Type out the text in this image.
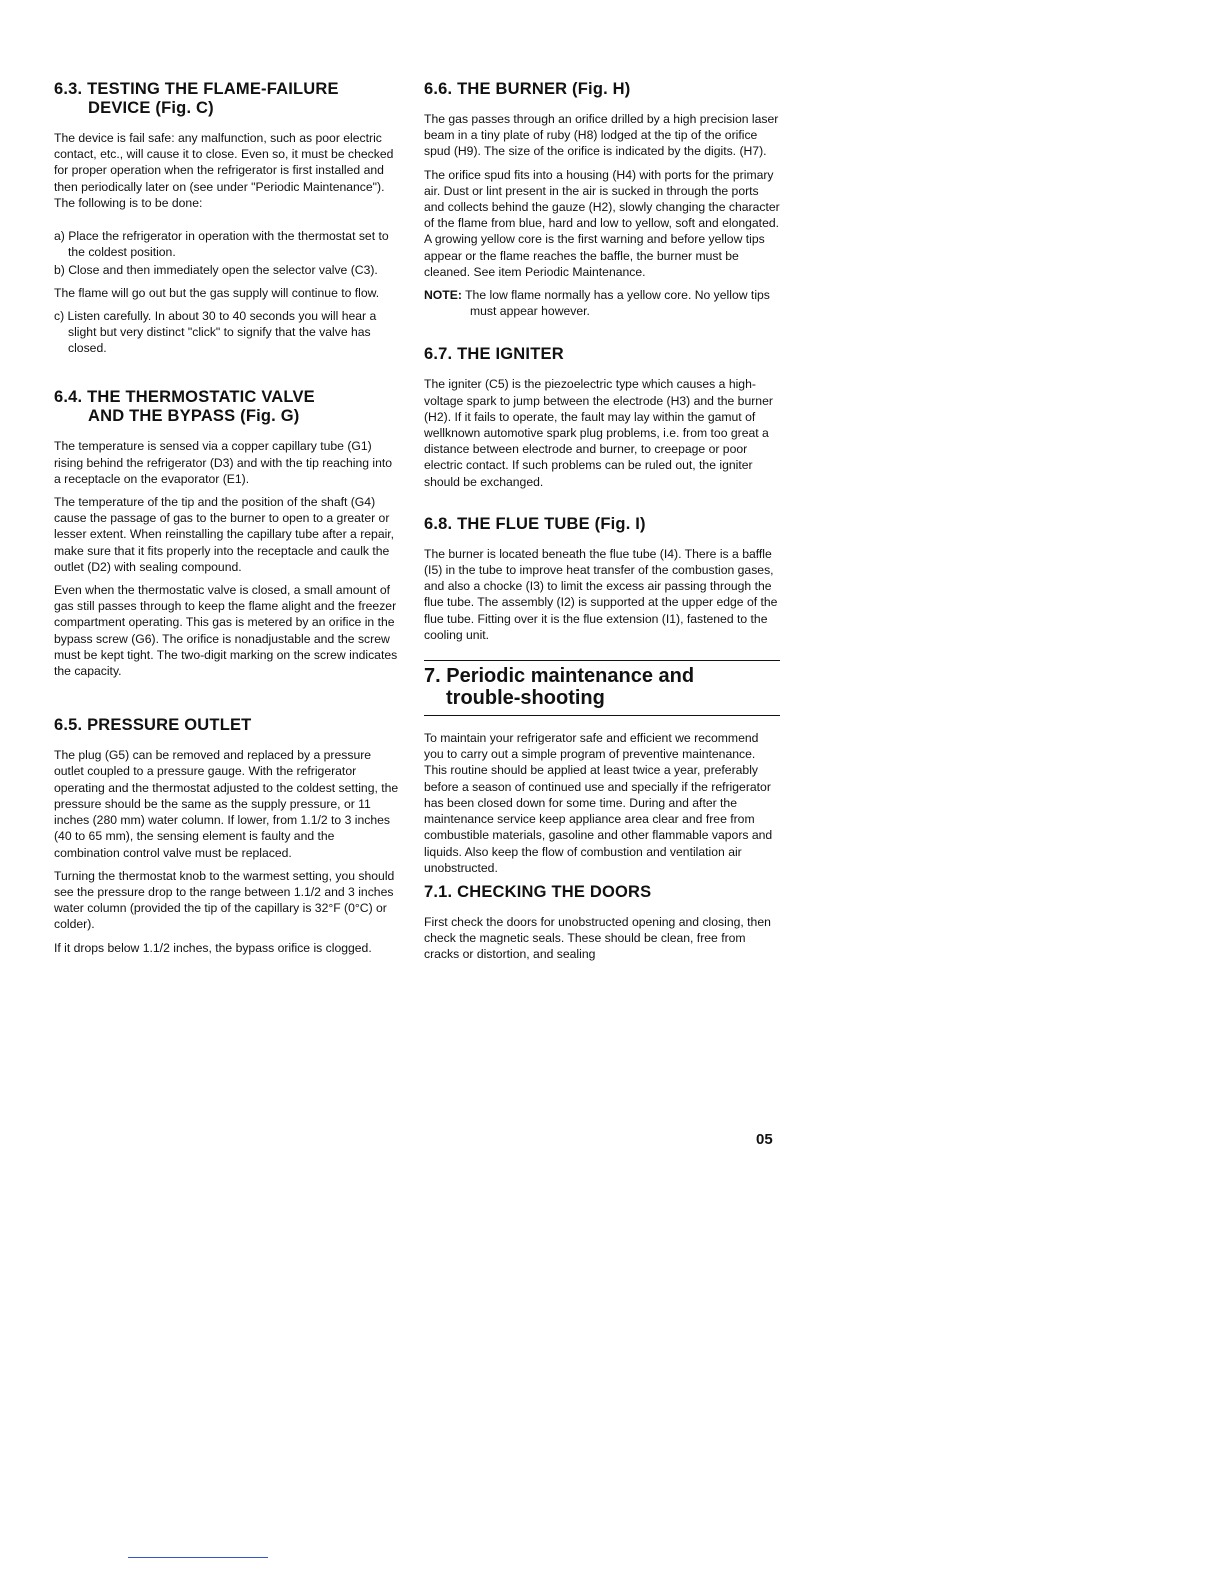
6.3. TESTING THE FLAME-FAILURE
DEVICE (Fig. C)

The device is fail safe: any malfunction, such as poor electric contact, etc., will cause it to close. Even so, it must be checked for proper operation when the refrigerator is first installed and then periodically later on (see under "Periodic Maintenance"). The following is to be done:

a) Place the refrigerator in operation with the thermostat set to the coldest position.

b) Close and then immediately open the selector valve (C3).

The flame will go out but the gas supply will continue to flow.

c) Listen carefully. In about 30 to 40 seconds you will hear a slight but very distinct "click" to signify that the valve has closed.

6.4. THE THERMOSTATIC VALVE
AND THE BYPASS (Fig. G)

The temperature is sensed via a copper capillary tube (G1) rising behind the refrigerator (D3) and with the tip reaching into a receptacle on the evaporator (E1).

The temperature of the tip and the position of the shaft (G4) cause the passage of gas to the burner to open to a greater or lesser extent. When reinstalling the capillary tube after a repair, make sure that it fits properly into the receptacle and caulk the outlet (D2) with sealing compound.

Even when the thermostatic valve is closed, a small amount of gas still passes through to keep the flame alight and the freezer compartment operating. This gas is metered by an orifice in the bypass screw (G6). The orifice is nonadjustable and the screw must be kept tight. The two-digit marking on the screw indicates the capacity.

6.5. PRESSURE OUTLET

The plug (G5) can be removed and replaced by a pressure outlet coupled to a pressure gauge. With the refrigerator operating and the thermostat adjusted to the coldest setting, the pressure should be the same as the supply pressure, or 11 inches (280 mm) water column. If lower, from 1.1/2 to 3 inches (40 to 65 mm), the sensing element is faulty and the combination control valve must be replaced.

Turning the thermostat knob to the warmest setting, you should see the pressure drop to the range between 1.1/2 and 3 inches water column (provided the tip of the capillary is 32°F (0°C) or colder).

If it drops below 1.1/2 inches, the bypass orifice is clogged.

6.6. THE BURNER (Fig. H)

The gas passes through an orifice drilled by a high precision laser beam in a tiny plate of ruby (H8) lodged at the tip of the orifice spud (H9). The size of the orifice is indicated by the digits. (H7).

The orifice spud fits into a housing (H4) with ports for the primary air. Dust or lint present in the air is sucked in through the ports and collects behind the gauze (H2), slowly changing the character of the flame from blue, hard and low to yellow, soft and elongated. A growing yellow core is the first warning and before yellow tips appear or the flame reaches the baffle, the burner must be cleaned. See item Periodic Maintenance.

NOTE: The low flame normally has a yellow core. No yellow tips must appear however.

6.7. THE IGNITER

The igniter (C5) is the piezoelectric type which causes a high-voltage spark to jump between the electrode (H3) and the burner (H2). If it fails to operate, the fault may lay within the gamut of wellknown automotive spark plug problems, i.e. from too great a distance between electrode and burner, to creepage or poor electric contact. If such problems can be ruled out, the igniter should be exchanged.

6.8. THE FLUE TUBE (Fig. I)

The burner is located beneath the flue tube (I4). There is a baffle (I5) in the tube to improve heat transfer of the combustion gases, and also a chocke (I3) to limit the excess air passing through the flue tube. The assembly (I2) is supported at the upper edge of the flue tube. Fitting over it is the flue extension (I1), fastened to the cooling unit.

7. Periodic maintenance and
trouble-shooting

To maintain your refrigerator safe and efficient we recommend you to carry out a simple program of preventive maintenance. This routine should be applied at least twice a year, preferably before a season of continued use and specially if the refrigerator has been closed down for some time. During and after the maintenance service keep appliance area clear and free from combustible materials, gasoline and other flammable vapors and liquids. Also keep the flow of combustion and ventilation air unobstructed.

7.1. CHECKING THE DOORS

First check the doors for unobstructed opening and closing, then check the magnetic seals. These should be clean, free from cracks or distortion, and sealing

05
